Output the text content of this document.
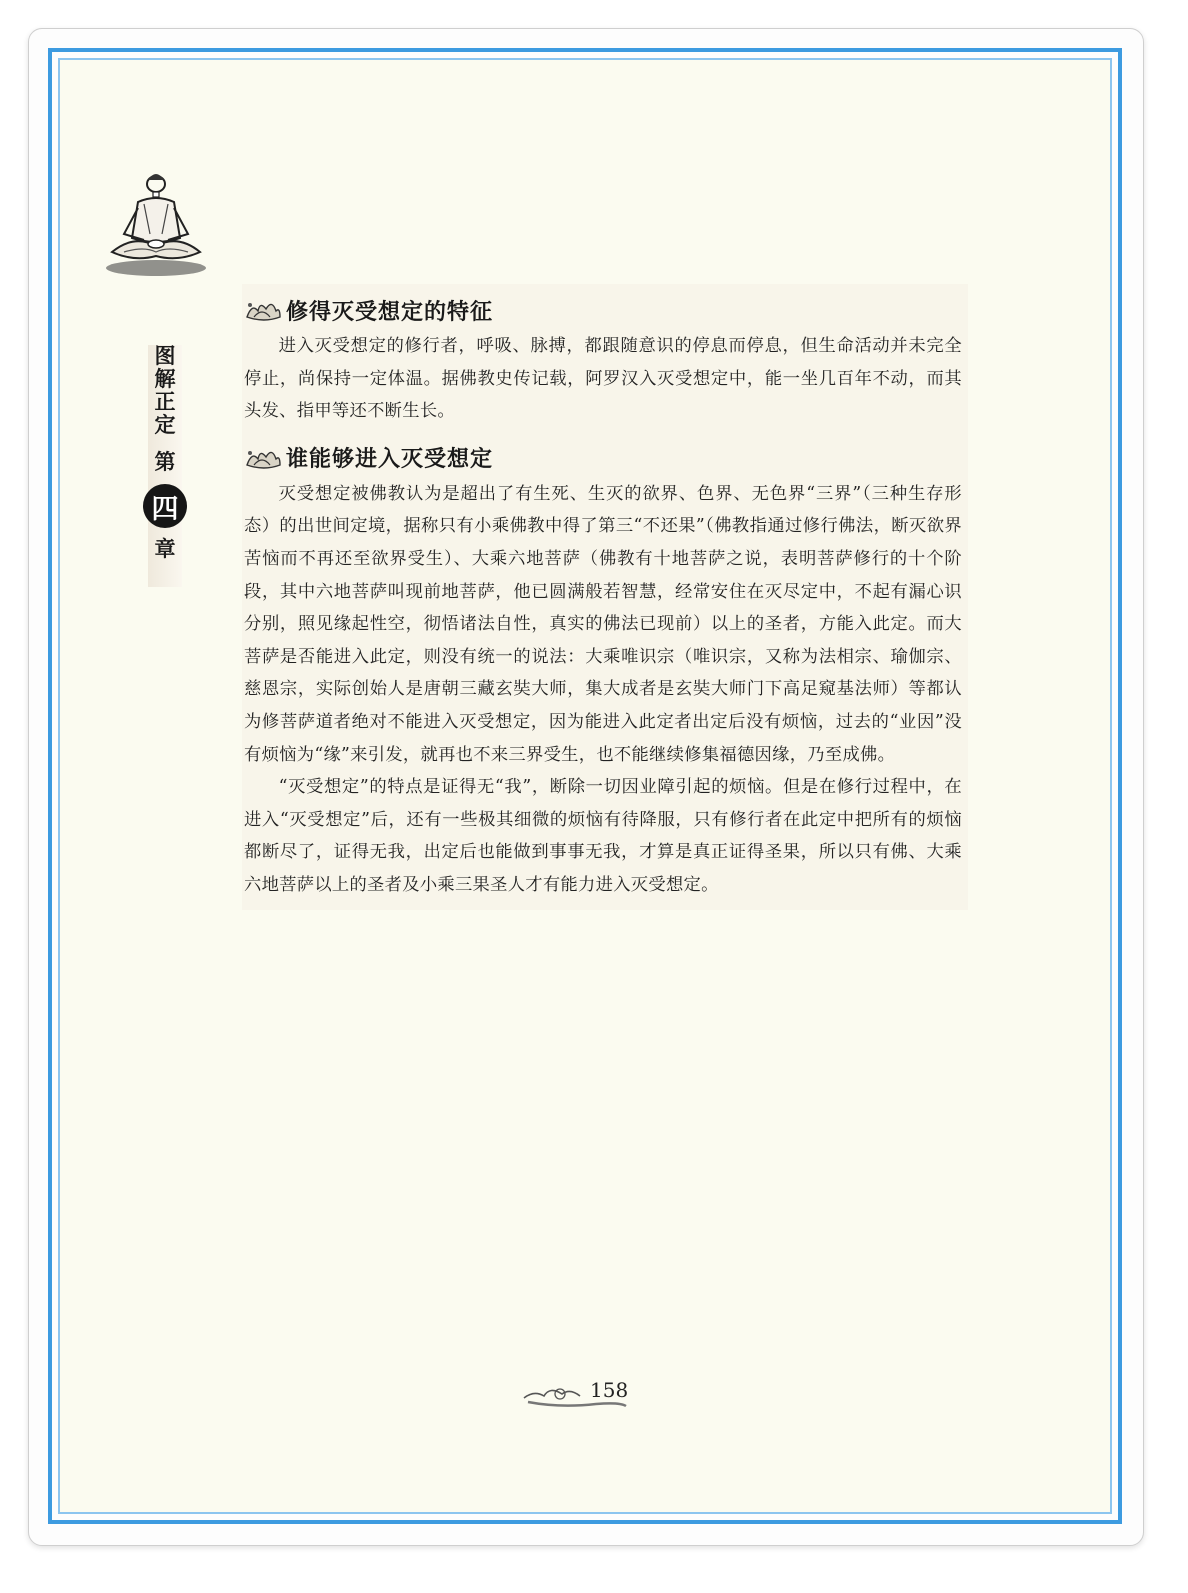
图
解
正
定
第
四
章
修得灭受想定的特征

进入灭受想定的修行者，呼吸、脉搏，都跟随意识的停息而停息，但生命活动并未完全停止，尚保持一定体温。据佛教史传记载，阿罗汉入灭受想定中，能一坐几百年不动，而其头发、指甲等还不断生长。

谁能够进入灭受想定

灭受想定被佛教认为是超出了有生死、生灭的欲界、色界、无色界“三界”（三种生存形态）的出世间定境，据称只有小乘佛教中得了第三“不还果”（佛教指通过修行佛法，断灭欲界苦恼而不再还至欲界受生）、大乘六地菩萨（佛教有十地菩萨之说，表明菩萨修行的十个阶段，其中六地菩萨叫现前地菩萨，他已圆满般若智慧，经常安住在灭尽定中，不起有漏心识分别，照见缘起性空，彻悟诸法自性，真实的佛法已现前）以上的圣者，方能入此定。而大菩萨是否能进入此定，则没有统一的说法：大乘唯识宗（唯识宗，又称为法相宗、瑜伽宗、慈恩宗，实际创始人是唐朝三藏玄奘大师，集大成者是玄奘大师门下高足窥基法师）等都认为修菩萨道者绝对不能进入灭受想定，因为能进入此定者出定后没有烦恼，过去的“业因”没有烦恼为“缘”来引发，就再也不来三界受生，也不能继续修集福德因缘，乃至成佛。

“灭受想定”的特点是证得无“我”，断除一切因业障引起的烦恼。但是在修行过程中，在进入“灭受想定”后，还有一些极其细微的烦恼有待降服，只有修行者在此定中把所有的烦恼都断尽了，证得无我，出定后也能做到事事无我，才算是真正证得圣果，所以只有佛、大乘六地菩萨以上的圣者及小乘三果圣人才有能力进入灭受想定。

158
